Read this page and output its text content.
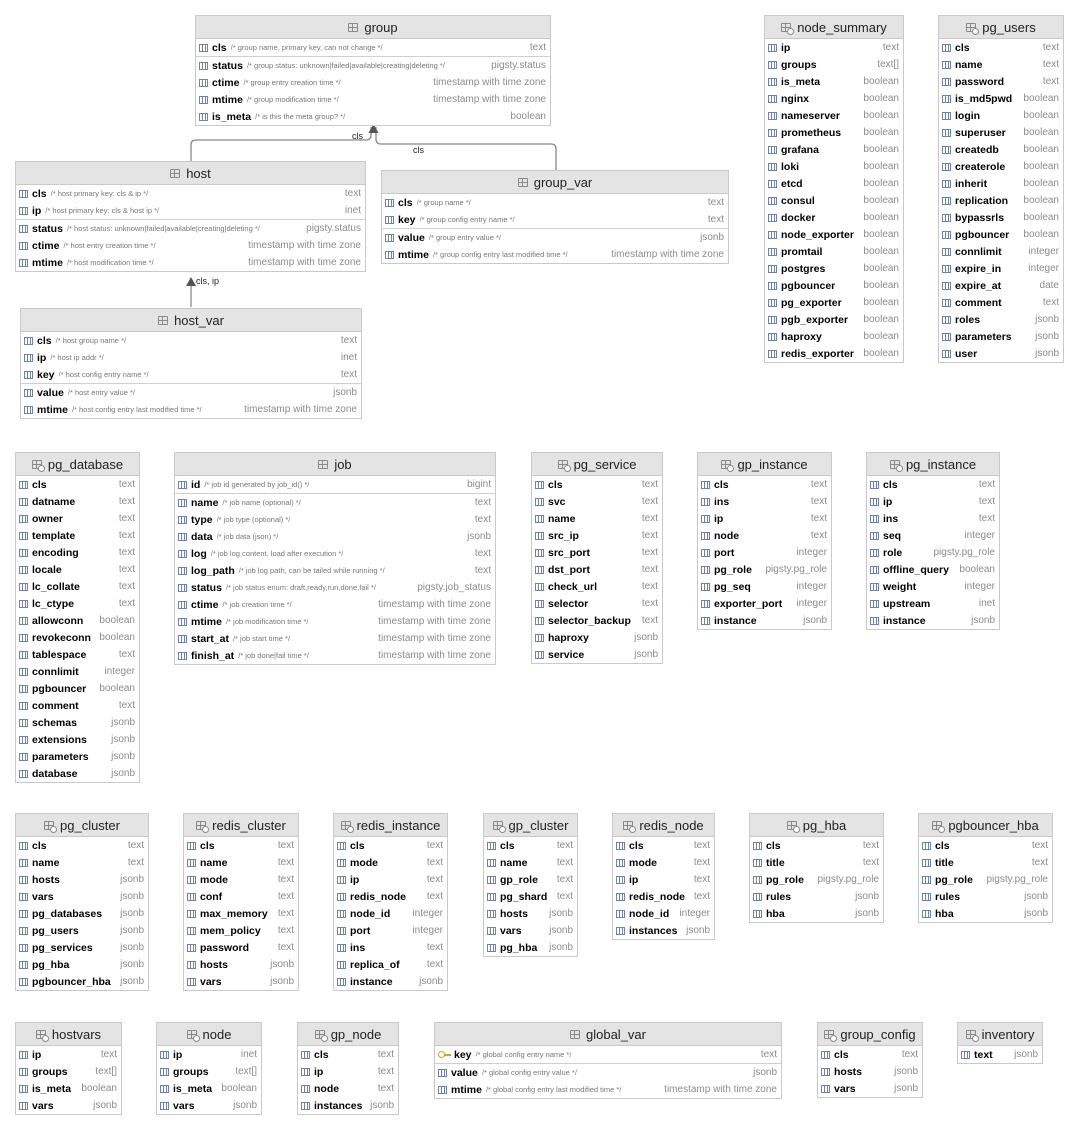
cls
cls
cls, ip
group
cls /* group name, primary key, can not change */	text
status /* group status: unknown|failed|available|creating|deleting */	pigsty.status
ctime /* group entry creation time */	timestamp with time zone
mtime /* group modification time */	timestamp with time zone
is_meta /* is this the meta group? */	boolean
node_summary
ip	text
groups	text[]
is_meta	boolean
nginx	boolean
nameserver	boolean
prometheus	boolean
grafana	boolean
loki	boolean
etcd	boolean
consul	boolean
docker	boolean
node_exporter boolean
promtail	boolean
postgres	boolean
pgbouncer	boolean
pg_exporter	boolean
pgb_exporter	boolean
haproxy	boolean
redis_exporter boolean
pg_users
cls	text
name	text
password	text
is_md5pwd	boolean
login	boolean
superuser	boolean
createdb	boolean
createrole	boolean
inherit	boolean
replication	boolean
bypassrls	boolean
pgbouncer	boolean
connlimit	integer
expire_in	integer
expire_at	date
comment	text
roles	jsonb
parameters	jsonb
user	jsonb
host
cls /* host primary key: cls & ip */	text
ip /* host primary key: cls & host ip */	inet
status /* host status: unknown|failed|available|creating|deleting */	pigsty.status
ctime /* host entry creation time */	timestamp with time zone
mtime /* host modification time */	timestamp with time zone
group_var
cls /* group name */	text
key /* group config entry name */	text
value /* group entry value */	jsonb
mtime /* group config entry last modified time */	timestamp with time zone
host_var
cls /* host group name */	text
ip /* host ip addr */	inet
key /* host config entry name */	text
value /* host entry value */	jsonb
mtime /* host config entry last modified time */	timestamp with time zone
pg_database
cls	text
datname	text
owner	text
template	text
encoding	text
locale	text
lc_collate	text
lc_ctype	text
allowconn	boolean
revokeconn boolean
tablespace	text
connlimit	integer
pgbouncer	boolean
comment	text
schemas	jsonb
extensions	jsonb
parameters	jsonb
database	jsonb
job
id /* job id generated by job_id() */	bigint
name /* job name (optional) */	text
type /* job type (optional) */	text
data /* job data (json) */	jsonb
log /* job log content, load after execution */	text
log_path /* job log path, can be tailed while running */	text
status /* job status enum: draft,ready,run,done,fail */	pigsty.job_status
ctime /* job creation time */	timestamp with time zone
mtime /* job modification time */	timestamp with time zone
start_at /* job start time */	timestamp with time zone
finish_at /* job done|fail time */	timestamp with time zone
pg_service
cls	text
svc	text
name	text
src_ip	text
src_port	text
dst_port	text
check_url	text
selector	text
selector_backup	text
haproxy	jsonb
service	jsonb
gp_instance
cls	text
ins	text
ip	text
node	text
port	integer
pg_role	pigsty.pg_role
pg_seq	integer
exporter_port	integer
instance	jsonb
pg_instance
cls	text
ip	text
ins	text
seq	integer
role	pigsty.pg_role
offline_query	boolean
weight	integer
upstream	inet
instance	jsonb
pg_cluster
cls	text
name	text
hosts	jsonb
vars	jsonb
pg_databases	jsonb
pg_users	jsonb
pg_services	jsonb
pg_hba	jsonb
pgbouncer_hba jsonb
redis_cluster
cls	text
name	text
mode	text
conf	text
max_memory	text
mem_policy	text
password	text
hosts	jsonb
vars	jsonb
redis_instance
cls	text
mode	text
ip	text
redis_node	text
node_id	integer
port	integer
ins	text
replica_of	text
instance	jsonb
gp_cluster
cls	text
name	text
gp_role	text
pg_shard text
hosts	jsonb
vars	jsonb
pg_hba	jsonb
redis_node
cls	text
mode	text
ip	text
redis_node text
node_id	integer
instances jsonb
pg_hba
cls	text
title	text
pg_role	pigsty.pg_role
rules	jsonb
hba	jsonb
pgbouncer_hba
cls	text
title	text
pg_role	pigsty.pg_role
rules	jsonb
hba	jsonb
hostvars
ip	text
groups	text[]
is_meta	boolean
vars	jsonb
node
ip	inet
groups	text[]
is_meta boolean
vars	jsonb
gp_node
cls	text
ip	text
node	text
instances jsonb
global_var
key /* global config entry name */	text
value /* global config entry value */	jsonb
mtime /* global config entry last modified time */	timestamp with time zone
group_config
cls	text
hosts	jsonb
vars	jsonb
inventory
text	jsonb
